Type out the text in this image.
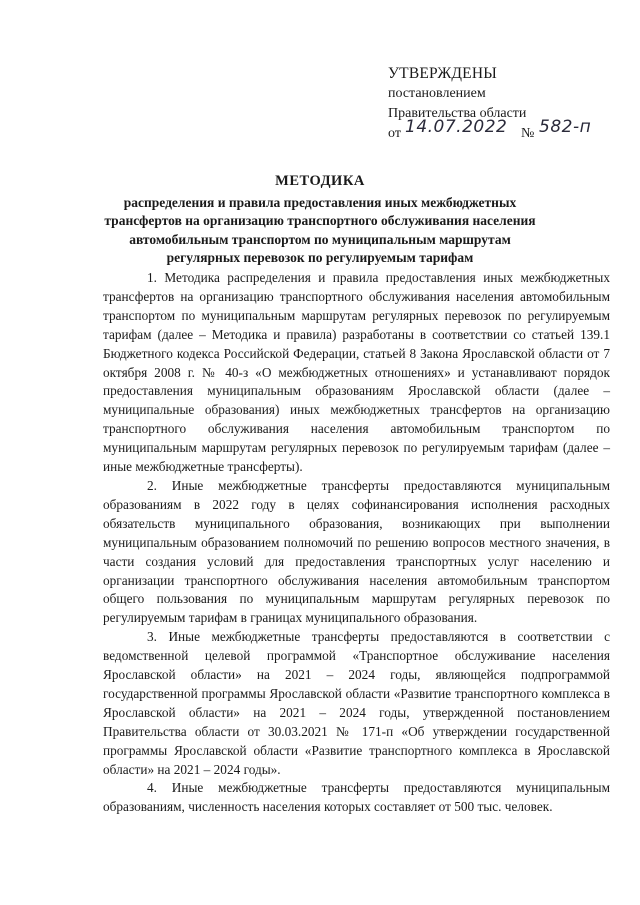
УТВЕРЖДЕНЫ
постановлением
Правительства области
от 14.07.2022 № 582-п
МЕТОДИКА
распределения и правила предоставления иных межбюджетных трансфертов на организацию транспортного обслуживания населения автомобильным транспортом по муниципальным маршрутам регулярных перевозок по регулируемым тарифам

1. Методика распределения и правила предоставления иных межбюджетных трансфертов на организацию транспортного обслуживания населения автомобильным транспортом по муниципальным маршрутам регулярных перевозок по регулируемым тарифам (далее – Методика и правила) разработаны в соответствии со статьей 139.1 Бюджетного кодекса Российской Федерации, статьей 8 Закона Ярославской области от 7 октября 2008 г. № 40-з «О межбюджетных отношениях» и устанавливают порядок предоставления муниципальным образованиям Ярославской области (далее – муниципальные образования) иных межбюджетных трансфертов на организацию транспортного обслуживания населения автомобильным транспортом по муниципальным маршрутам регулярных перевозок по регулируемым тарифам (далее – иные межбюджетные трансферты).

2. Иные межбюджетные трансферты предоставляются муниципальным образованиям в 2022 году в целях софинансирования исполнения расходных обязательств муниципального образования, возникающих при выполнении муниципальным образованием полномочий по решению вопросов местного значения, в части создания условий для предоставления транспортных услуг населению и организации транспортного обслуживания населения автомобильным транспортом общего пользования по муниципальным маршрутам регулярных перевозок по регулируемым тарифам в границах муниципального образования.

3. Иные межбюджетные трансферты предоставляются в соответствии с ведомственной целевой программой «Транспортное обслуживание населения Ярославской области» на 2021 – 2024 годы, являющейся подпрограммой государственной программы Ярославской области «Развитие транспортного комплекса в Ярославской области» на 2021 – 2024 годы, утвержденной постановлением Правительства области от 30.03.2021 № 171-п «Об утверждении государственной программы Ярославской области «Развитие транспортного комплекса в Ярославской области» на 2021 – 2024 годы».

4. Иные межбюджетные трансферты предоставляются муниципальным образованиям, численность населения которых составляет от 500 тыс. человек.
